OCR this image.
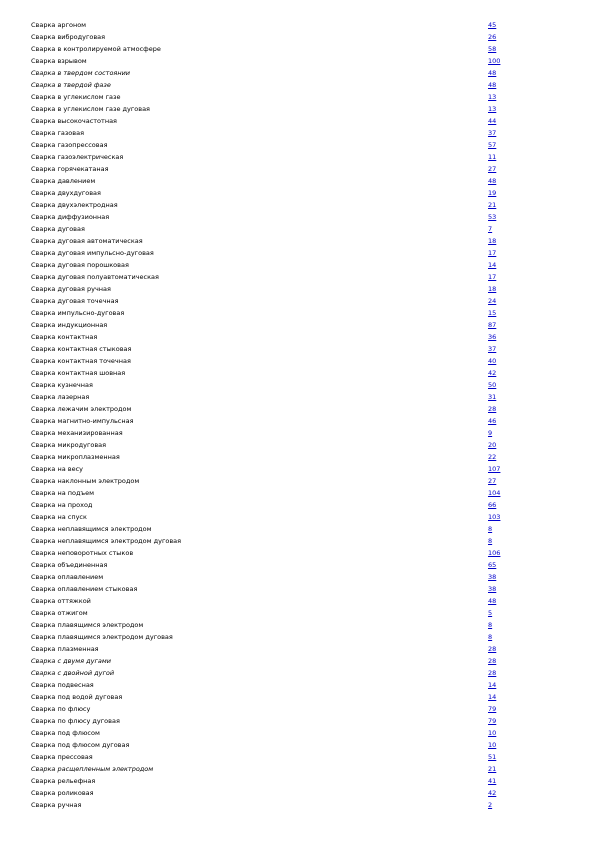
Сварка аргоном	45
Сварка вибродуговая	26
Сварка в контролируемой атмосфере	58
Сварка взрывом	100
Сварка в твердом состоянии	48
Сварка в твердой фазе	48
Сварка в углекислом газе	13
Сварка в углекислом газе дуговая	13
Сварка высокочастотная	44
Сварка газовая	37
Сварка газопрессовая	57
Сварка газоэлектрическая	11
Сварка горячекатаная	27
Сварка давлением	48
Сварка двухдуговая	19
Сварка двухэлектродная	21
Сварка диффузионная	53
Сварка дуговая	7
Сварка дуговая автоматическая	18
Сварка дуговая импульсно-дуговая	17
Сварка дуговая порошковая	14
Сварка дуговая полуавтоматическая	17
Сварка дуговая ручная	18
Сварка дуговая точечная	24
Сварка импульсно-дуговая	15
Сварка индукционная	87
Сварка контактная	36
Сварка контактная стыковая	37
Сварка контактная точечная	40
Сварка контактная шовная	42
Сварка кузнечная	50
Сварка лазерная	31
Сварка лежачим электродом	28
Сварка магнитно-импульсная	46
Сварка механизированная	9
Сварка микродуговая	20
Сварка микроплазменная	22
Сварка на весу	107
Сварка наклонным электродом	27
Сварка на подъем	104
Сварка на проход	66
Сварка на спуск	103
Сварка неплавящимся электродом	8
Сварка неплавящимся электродом дуговая	8
Сварка неповоротных стыков	106
Сварка объединенная	65
Сварка оплавлением	38
Сварка оплавлением стыковая	38
Сварка оттяжкой	48
Сварка отжигом	5
Сварка плавящимся электродом	8
Сварка плавящимся электродом дуговая	8
Сварка плазменная	28
Сварка с двумя дугами	28
Сварка с двойной дугой	28
Сварка подвесная	14
Сварка под водой дуговая	14
Сварка по флюсу	79
Сварка по флюсу дуговая	79
Сварка под флюсом	10
Сварка под флюсом дуговая	10
Сварка прессовая	51
Сварка расщепленным электродом	21
Сварка рельефная	41
Сварка роликовая	42
Сварка ручная	2
